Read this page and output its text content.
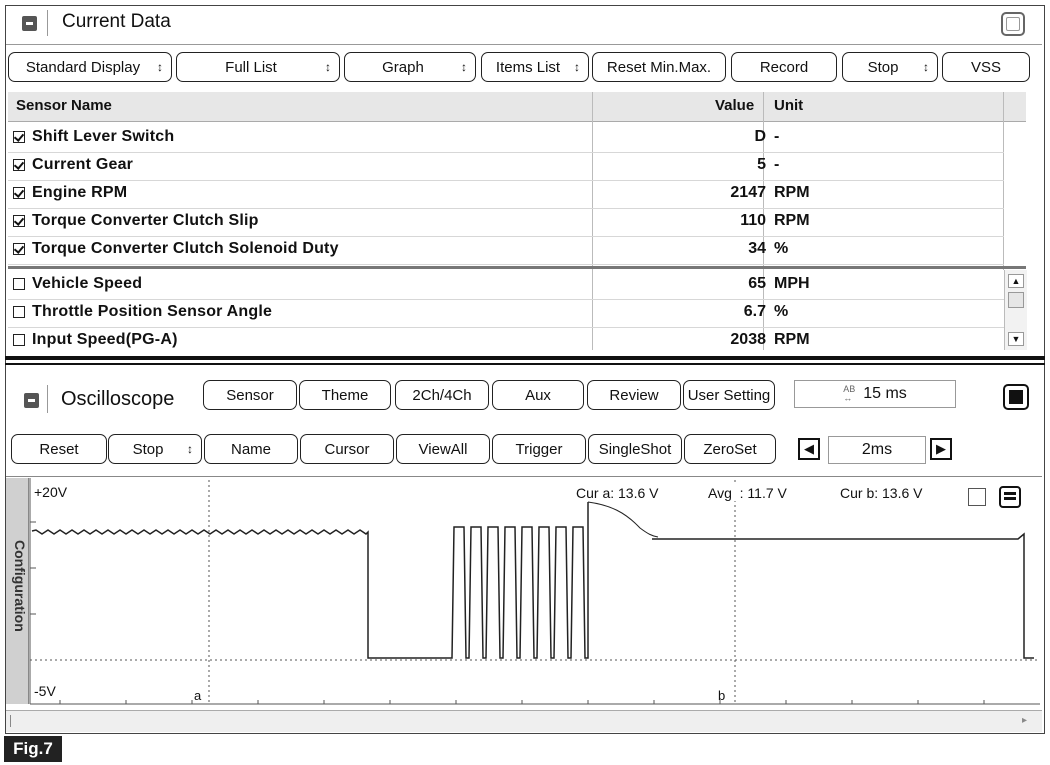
Current Data
Standard Display ↕	Full List	↕	Graph	↕ Items List ↕ Reset Min.Max.	Record	Stop ↕	VSS
Sensor Name	Value Unit
Shift Lever Switch	D -
Current Gear	5 -
Engine RPM	2147 RPM
Torque Converter Clutch Slip	110 RPM
Torque Converter Clutch Solenoid Duty	34 %
Vehicle Speed	65 MPH
Throttle Position Sensor Angle	6.7 %
Input Speed(PG-A)	2038 RPM
▲
▼
Oscilloscope	Sensor	Theme	2Ch/4Ch	Aux	Review User Setting	AB
↔ 15 ms
Reset	Stop ↕	Name	Cursor	ViewAll	Trigger SingleShot ZeroSet	◀	2ms	▶
Configuration
+20V
-5V	a	b
Cur a: 13.6 V	Avg  : 11.7 V	Cur b: 13.6 V
▸
Fig.7
